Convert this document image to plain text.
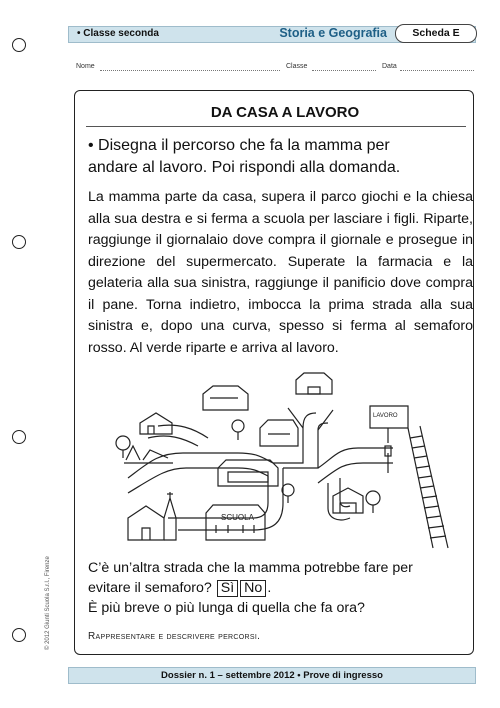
• Classe seconda	Storia e Geografia	Scheda E
Nome	Classe	Data
DA CASA A LAVORO

• Disegna il percorso che fa la mamma per

andare al lavoro. Poi rispondi alla domanda.

La mamma parte da casa, supera il parco giochi e la chiesa alla sua destra e si ferma a scuola per lasciare i figli. Riparte, raggiunge il giornalaio dove compra il giornale e prosegue in direzione del supermercato. Superate la farmacia e la gelateria alla sua sinistra, raggiunge il panificio dove compra il pane. Torna indietro, imbocca la prima strada alla sua sinistra e, dopo una curva, spesso si ferma al semaforo rosso. Al verde riparte e arriva al lavoro.

SCUOLA
LAVORO

C’è un’altra strada che la mamma potrebbe fare per

evitare il semaforo? Sì No .

È più breve o più lunga di quella che fa ora?

Rappresentare e descrivere percorsi.
© 2012 Giunti Scuola S.r.l., Firenze
Dossier n. 1 – settembre 2012 • Prove di ingresso
